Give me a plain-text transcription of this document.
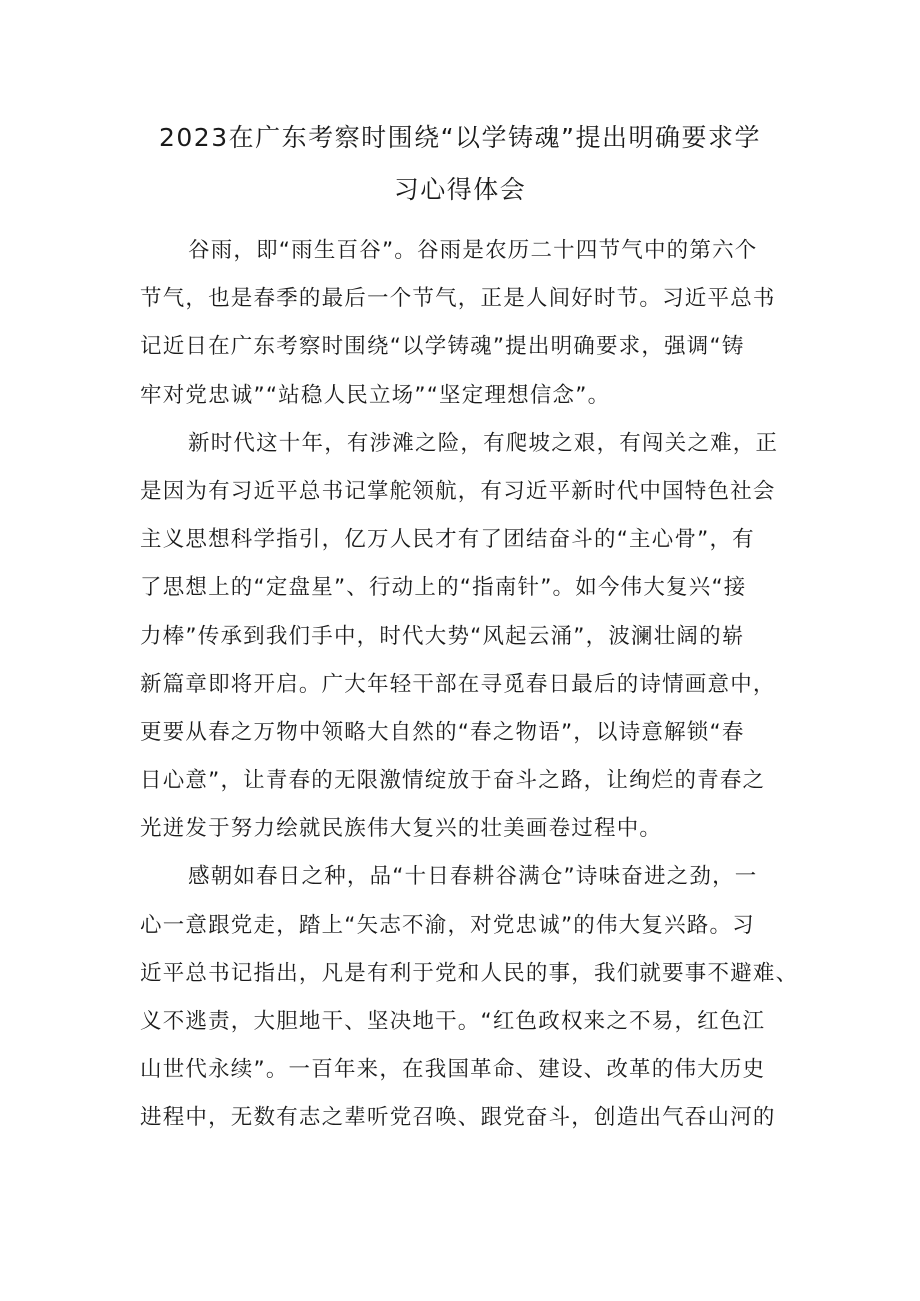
2023在广东考察时围绕“以学铸魂”提出明确要求学
习心得体会
谷雨，即“雨生百谷”。谷雨是农历二十四节气中的第六个
节气，也是春季的最后一个节气，正是人间好时节。习近平总书
记近日在广东考察时围绕“以学铸魂”提出明确要求，强调“铸
牢对党忠诚”“站稳人民立场”“坚定理想信念”。
新时代这十年，有涉滩之险，有爬坡之艰，有闯关之难，正
是因为有习近平总书记掌舵领航，有习近平新时代中国特色社会
主义思想科学指引，亿万人民才有了团结奋斗的“主心骨”，有
了思想上的“定盘星”、行动上的“指南针”。如今伟大复兴“接
力棒”传承到我们手中，时代大势“风起云涌”，波澜壮阔的崭
新篇章即将开启。广大年轻干部在寻觅春日最后的诗情画意中，
更要从春之万物中领略大自然的“春之物语”，以诗意解锁“春
日心意”，让青春的无限激情绽放于奋斗之路，让绚烂的青春之
光迸发于努力绘就民族伟大复兴的壮美画卷过程中。
感朝如春日之种，品“十日春耕谷满仓”诗味奋进之劲，一
心一意跟党走，踏上“矢志不渝，对党忠诚”的伟大复兴路。习
近平总书记指出，凡是有利于党和人民的事，我们就要事不避难、
义不逃责，大胆地干、坚决地干。“红色政权来之不易，红色江
山世代永续”。一百年来，在我国革命、建设、改革的伟大历史
进程中，无数有志之辈听党召唤、跟党奋斗，创造出气吞山河的
